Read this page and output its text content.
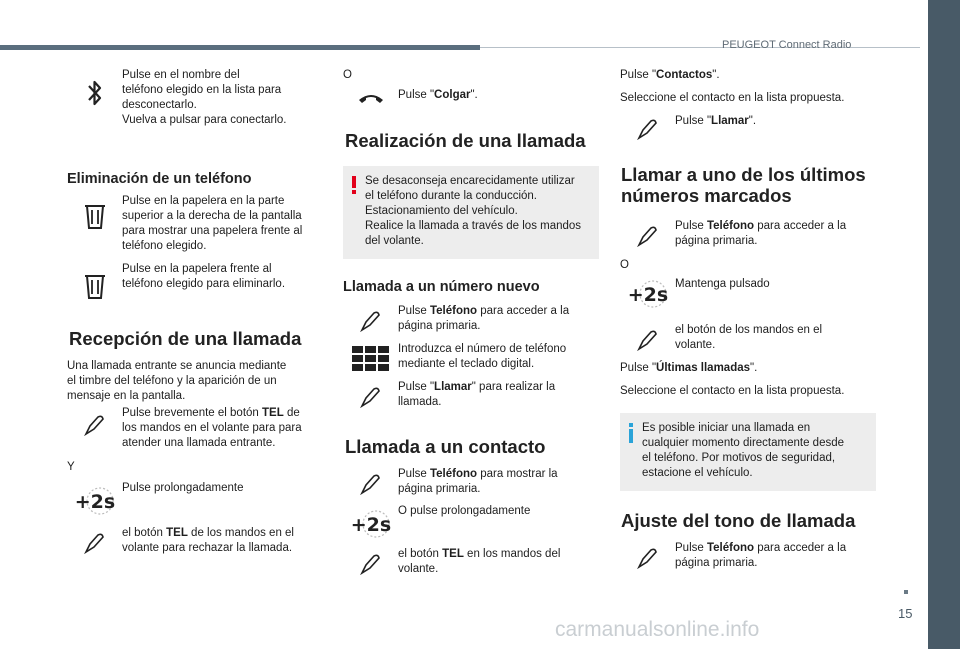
PEUGEOT Connect Radio
15
carmanualsonline.info
Pulse en el nombre del
teléfono elegido en la lista para
desconectarlo.
Vuelva a pulsar para conectarlo.
Eliminación de un teléfono
Pulse en la papelera en la parte
superior a la derecha de la pantalla
para mostrar una papelera frente al
teléfono elegido.
Pulse en la papelera frente al
teléfono elegido para eliminarlo.
Recepción de una llamada
Una llamada entrante se anuncia mediante
el timbre del teléfono y la aparición de un
mensaje en la pantalla.
Pulse brevemente el botón TEL de
los mandos en el volante para para
atender una llamada entrante.
Y
+2s
Pulse prolongadamente
el botón TEL de los mandos en el
volante para rechazar la llamada.
O
Pulse "Colgar".
Realización de una llamada
Se desaconseja encarecidamente utilizar
el teléfono durante la conducción.
Estacionamiento del vehículo.
Realice la llamada a través de los mandos
del volante.
Llamada a un número nuevo
Pulse Teléfono para acceder a la
página primaria.
Introduzca el número de teléfono
mediante el teclado digital.
Pulse "Llamar" para realizar la
llamada.
Llamada a un contacto
Pulse Teléfono para mostrar la
página primaria.
+2s
O pulse prolongadamente
el botón TEL en los mandos del
volante.
Pulse "Contactos".
Seleccione el contacto en la lista propuesta.
Pulse "Llamar".
Llamar a uno de los últimos
números marcados
Pulse Teléfono para acceder a la
página primaria.
O
+2s Mantenga pulsado
el botón de los mandos en el
volante.
Pulse "Últimas llamadas".
Seleccione el contacto en la lista propuesta.
Es posible iniciar una llamada en
cualquier momento directamente desde
el teléfono. Por motivos de seguridad,
estacione el vehículo.
Ajuste del tono de llamada
Pulse Teléfono para acceder a la
página primaria.
